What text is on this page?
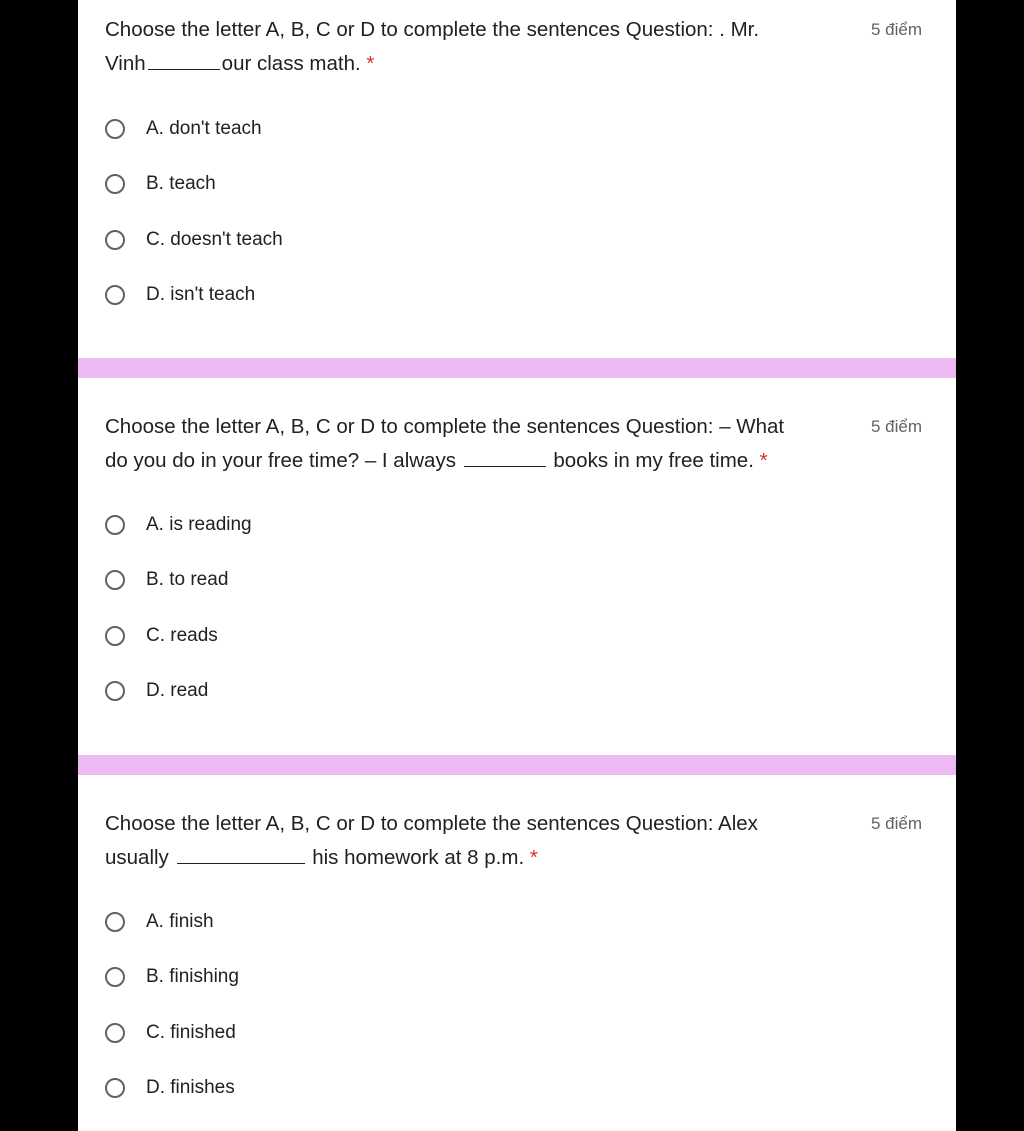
Choose the letter A, B, C or D to complete the sentences Question: . Mr.
Vinh	our class math. *
5 điểm
A. don't teach
B. teach
C. doesn't teach
D. isn't teach
Choose the letter A, B, C or D to complete the sentences Question: – What
do you do in your free time? – I always	books in my free time. *
5 điểm
A. is reading
B. to read
C. reads
D. read
Choose the letter A, B, C or D to complete the sentences Question: Alex
usually	his homework at 8 p.m. *
5 điểm
A. finish
B. finishing
C. finished
D. finishes
